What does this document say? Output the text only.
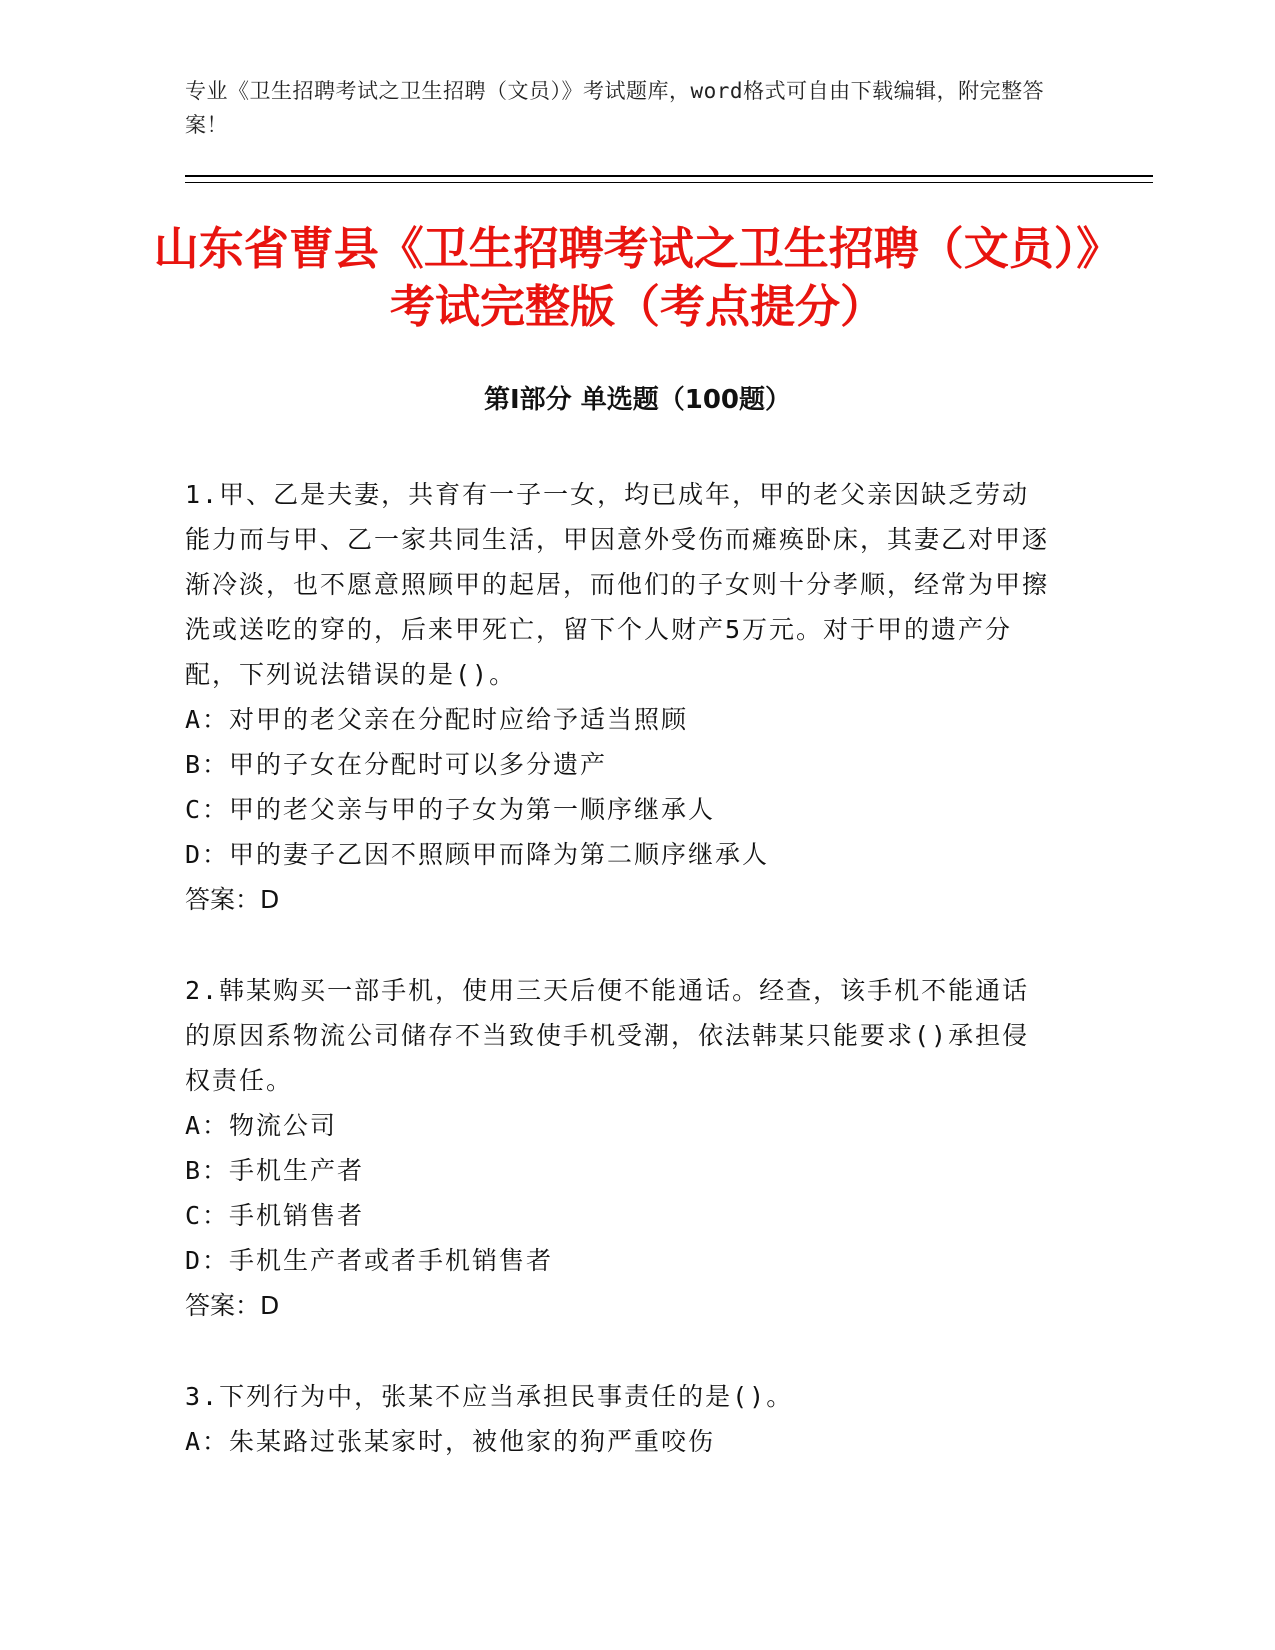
专业《卫生招聘考试之卫生招聘（文员）》考试题库，word格式可自由下载编辑，附完整答案！
山东省曹县《卫生招聘考试之卫生招聘（文员）》考试完整版（考点提分）
第Ⅰ部分 单选题（100题）

1.甲、乙是夫妻，共育有一子一女，均已成年，甲的老父亲因缺乏劳动能力而与甲、乙一家共同生活，甲因意外受伤而瘫痪卧床，其妻乙对甲逐渐冷淡，也不愿意照顾甲的起居，而他们的子女则十分孝顺，经常为甲擦洗或送吃的穿的，后来甲死亡，留下个人财产5万元。对于甲的遗产分配，下列说法错误的是()。

A：对甲的老父亲在分配时应给予适当照顾

B：甲的子女在分配时可以多分遗产

C：甲的老父亲与甲的子女为第一顺序继承人

D：甲的妻子乙因不照顾甲而降为第二顺序继承人

答案：D

2.韩某购买一部手机，使用三天后便不能通话。经查，该手机不能通话的原因系物流公司储存不当致使手机受潮，依法韩某只能要求()承担侵权责任。

A：物流公司

B：手机生产者

C：手机销售者

D：手机生产者或者手机销售者

答案：D

3.下列行为中，张某不应当承担民事责任的是()。

A：朱某路过张某家时，被他家的狗严重咬伤
